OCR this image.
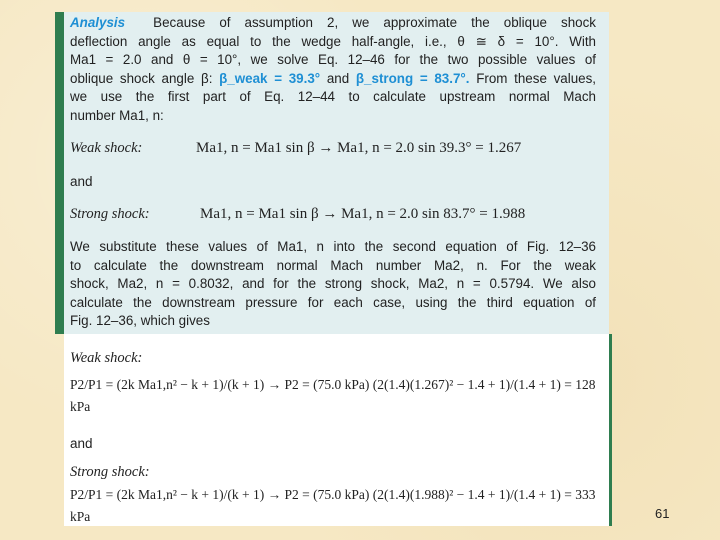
Analysis Because of assumption 2, we approximate the oblique shock
deflection angle as equal to the wedge half-angle, i.e., θ ≅ δ = 10°. With
Ma1 = 2.0 and θ = 10°, we solve Eq. 12–46 for the two possible values of
oblique shock angle β: β_weak = 39.3° and β_strong = 83.7°. From these values,
we use the first part of Eq. 12–44 to calculate upstream normal Mach
number Ma1, n:
Weak shock:	Ma1, n = Ma1 sin β → Ma1, n = 2.0 sin 39.3° = 1.267
and
Strong shock:	Ma1, n = Ma1 sin β → Ma1, n = 2.0 sin 83.7° = 1.988
We substitute these values of Ma1, n into the second equation of Fig. 12–36
to calculate the downstream normal Mach number Ma2, n. For the weak
shock, Ma2, n = 0.8032, and for the strong shock, Ma2, n = 0.5794. We also
calculate the downstream pressure for each case, using the third equation of
Fig. 12–36, which gives
Weak shock:
P2/P1 = (2k Ma1,n² − k + 1)/(k + 1) → P2 = (75.0 kPa) (2(1.4)(1.267)² − 1.4 + 1)/(1.4 + 1) = 128 kPa
and
Strong shock:
P2/P1 = (2k Ma1,n² − k + 1)/(k + 1) → P2 = (75.0 kPa) (2(1.4)(1.988)² − 1.4 + 1)/(1.4 + 1) = 333 kPa	61
